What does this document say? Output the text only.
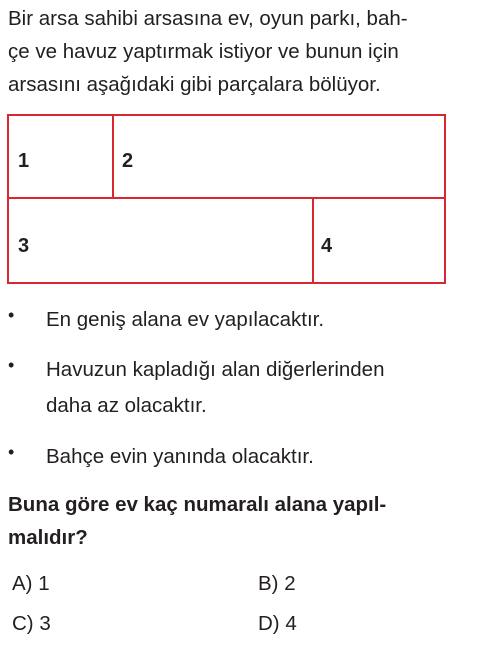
Bir arsa sahibi arsasına ev, oyun parkı, bah-
çe ve havuz yaptırmak istiyor ve bunun için
arsasını aşağıdaki gibi parçalara bölüyor.
1	2
3	4
• En geniş alana ev yapılacaktır.
• Havuzun kapladığı alan diğerlerinden
daha az olacaktır.
• Bahçe evin yanında olacaktır.
Buna göre ev kaç numaralı alana yapıl-
malıdır?
A) 1	B) 2
C) 3	D) 4
